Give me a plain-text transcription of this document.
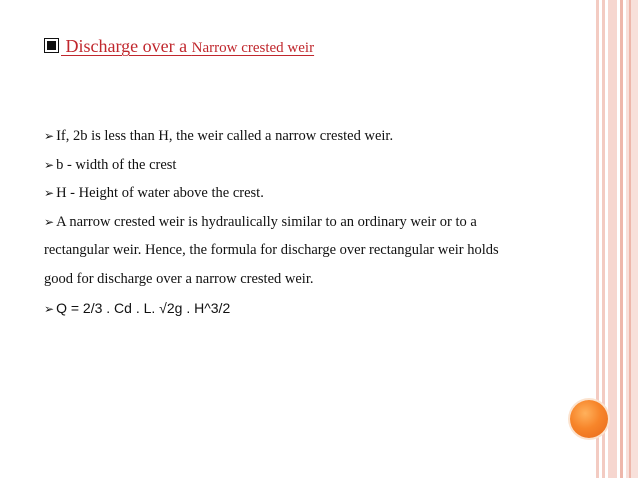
Discharge over a Narrow crested weir
➢ If, 2b is less than H, the weir called a narrow crested weir.
➢ b - width of the crest
➢ H - Height of water above the crest.
➢ A narrow crested weir is hydraulically similar to an ordinary weir or to a
rectangular weir. Hence, the formula for discharge over rectangular weir holds
good for discharge over a narrow crested weir.
➢ Q = 2/3 . Cd . L. √2g . H^3/2
